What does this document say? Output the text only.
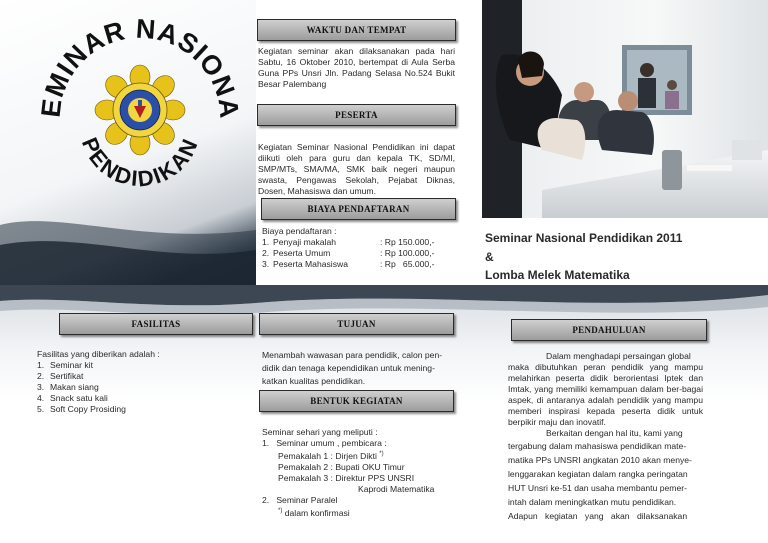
MINAR NASION
PENDIDIKAN
WAKTU DAN TEMPAT
Kegiatan seminar akan dilaksanakan pada hari Sabtu, 16 Oktober 2010, bertempat di Aula Serba Guna PPs Unsri Jln. Padang Selasa No.524 Bukit Besar Palembang
PESERTA
Kegiatan Seminar Nasional Pendidikan ini dapat diikuti oleh para guru dan kepala TK, SD/MI, SMP/MTs, SMA/MA, SMK baik negeri maupun swasta, Pengawas Sekolah, Pejabat Diknas, Dosen, Mahasiswa dan umum.
BIAYA PENDAFTARAN
Biaya pendaftaran :
1. Penyaji makalah	: Rp 150.000,-
2. Peserta Umum	: Rp 100.000,-
3. Peserta Mahasiswa	: Rp   65.000,-
Seminar Nasional Pendidikan 2011
&
Lomba Melek Matematika
FASILITAS
Fasilitas yang diberikan adalah :
1. Seminar kit
2. Sertifikat
3. Makan siang
4. Snack satu kali
5. Soft Copy Prosiding
TUJUAN
Menambah wawasan para pendidik, calon pen-
didik dan tenaga kependidikan untuk mening-
katkan kualitas pendidikan.
BENTUK KEGIATAN
Seminar sehari yang meliputi :
1.   Seminar umum , pembicara :
Pemakalah 1 : Dirjen Dikti *)
Pemakalah 2 : Bupati OKU Timur
Pemakalah 3 : Direktur PPS UNSRI
Kaprodi Matematika
2.   Seminar Paralel
*) dalam konfirmasi
PENDAHULUAN
Dalam menghadapi persaingan global
maka dibutuhkan peran pendidik yang mampu melahirkan peserta didik berorientasi Iptek dan Imtak, yang memiliki kemampuan dalam ber-bagai aspek, di antaranya adalah pendidik yang mampu memberi inspirasi kepada peserta didik untuk berpikir maju dan inovatif.
Berkaitan dengan hal itu, kami yang
tergabung dalam mahasiswa pendidikan mate-
matika PPs UNSRI angkatan 2010 akan menye-
lenggarakan kegiatan dalam rangka peringatan
HUT Unsri ke-51 dan usaha membantu pemer-
intah dalam meningkatkan mutu pendidikan.
Adapun kegiatan yang akan dilaksanakan
